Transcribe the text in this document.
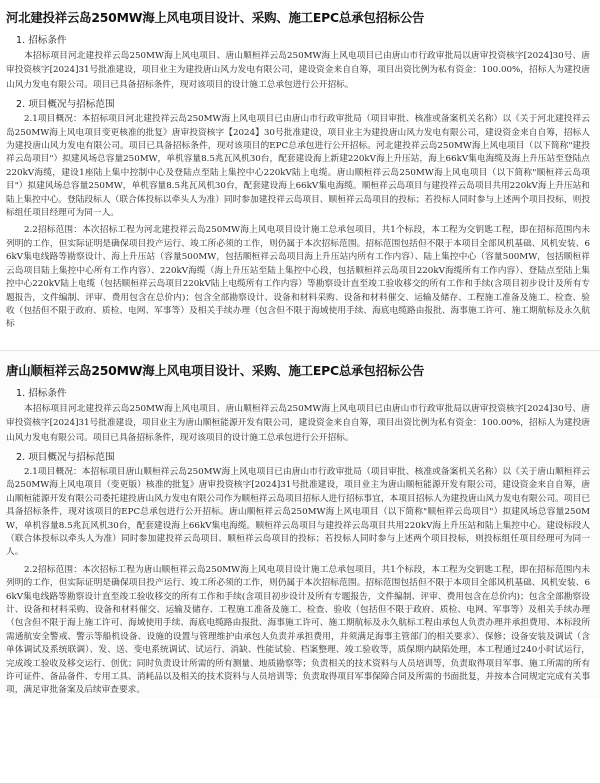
河北建投祥云岛250MW海上风电项目设计、采购、施工EPC总承包招标公告
1. 招标条件
本招标项目河北建投祥云岛250MW海上风电项目、唐山顺桓祥云岛250MW海上风电项目已由唐山市行政审批局以唐审投资核字[2024]30号、唐审投资核字[2024]31号批准建设，项目业主为建投唐山风力发电有限公司，建设资金来自自筹，项目出资比例为私有资金：100.00%，招标人为建投唐山风力发电有限公司。项目已具备招标条件，现对该项目的设计施工总承包进行公开招标。
2. 项目概况与招标范围
2.1项目概况：本招标项目河北建投祥云岛250MW海上风电项目已由唐山市行政审批局（项目审批、核准或备案机关名称）以《关于河北建投祥云岛250MW海上风电项目变更核准的批复》唐审投资核字【2024】30号批准建设，项目业主为建投唐山风力发电有限公司，建设资金来自自筹，招标人为建投唐山风力发电有限公司。项目已具备招标条件，现对该项目的EPC总承包进行公开招标。河北建投祥云岛250MW海上风电项目（以下简称"建投祥云岛项目"）拟建风场总容量250MW，单机容量8.5兆瓦风机30台，配套建设海上新建220kV海上升压站，海上66kV集电海缆及海上升压站至登陆点220kV海缆，建设1座陆上集中控制中心及登陆点至陆上集控中心220kV陆上电缆。唐山顺桓祥云岛250MW海上风电项目（以下简称"顺桓祥云岛项目"）拟建风场总容量250MW，单机容量8.5兆瓦风机30台，配套建设海上66kV集电海缆。顺桓祥云岛项目与建投祥云岛项目共用220kV海上升压站和陆上集控中心。登陆段标人（联合体投标以牵头人为准）同时参加建投祥云岛项目、顺桓祥云岛项目的投标；若投标人同时参与上述两个项目投标，则投标组任项目经理可为同一人。
2.2招标范围：本次招标工程为河北建投祥云岛250MW海上风电项目设计施工总承包项目，共1个标段，本工程为交钥匙工程，即在招标范围内未列明的工作，但实际证明是确保项目投产运行、竣工所必须的工作，则仍属于本次招标范围。招标范围包括但不限于本项目全部风机基础、风机安装、66kV集电线路等勘察设计、海上升压站（容量500MW，包括顺桓祥云岛项目海上升压站内所有工作内容）、陆上集控中心（容量500MW，包括顺桓祥云岛项目陆上集控中心所有工作内容）、220kV海缆（海上升压站至陆上集控中心段，包括顺桓祥云岛项目220kV海缆所有工作内容）、登陆点至陆上集控中心220kV陆上电缆（包括顺桓祥云岛项目220kV陆上电缆所有工作内容）等勘察设计直至竣工验收移交的所有工作和手续(含项目初步设计及所有专题报告，文件编制、评审、费用包含在总价内)；包含全部勘察设计、设备和材料采购、设备和材料催交、运输及储存、工程施工准备及施工、检查、验收（包括但不限于政府、质检、电网、军事等）及相关手续办理（包含但不限于海域使用手续、海底电缆路由报批、海事施工许可、施工期航标及永久航标
唐山顺桓祥云岛250MW海上风电项目设计、采购、施工EPC总承包招标公告
1. 招标条件
本招标项目河北建投祥云岛250MW海上风电项目、唐山顺桓祥云岛250MW海上风电项目已由唐山市行政审批局以唐审投资核字[2024]30号、唐审投资核字[2024]31号批准建设，项目业主为唐山顺桓能源开发有限公司，建设资金来自自筹，项目出资比例为私有资金：100.00%，招标人为建投唐山风力发电有限公司。项目已具备招标条件，现对该项目的设计施工总承包进行公开招标。
2. 项目概况与招标范围
2.1项目概况：本招标项目唐山顺桓祥云岛250MW海上风电项目已由唐山市行政审批局（项目审批、核准或备案机关名称）以《关于唐山顺桓祥云岛250MW海上风电项目（变更版）核准的批复》唐审投资核字[2024]31号批准建设，项目业主为唐山顺桓能源开发有限公司，建设资金来自自筹，唐山顺桓能源开发有限公司委托建投唐山风力发电有限公司作为顺桓祥云岛项目招标人进行招标事宜，本项目招标人为建投唐山风力发电有限公司。项目已具备招标条件，现对该项目的EPC总承包进行公开招标。唐山顺桓祥云岛250MW海上风电项目（以下简称"顺桓祥云岛项目"）拟建风场总容量250MW，单机容量8.5兆瓦风机30台，配套建设海上66kV集电海缆。顺桓祥云岛项目与建投祥云岛项目共用220kV海上升压站和陆上集控中心。建设标段人（联合体投标以牵头人为准）同时参加建投祥云岛项目、顺桓祥云岛项目的投标；若投标人同时参与上述两个项目投标，则投标组任项目经理可为同一人。
2.2招标范围：本次招标工程为唐山顺桓祥云岛250MW海上风电项目设计施工总承包项目，共1个标段，本工程为交钥匙工程，即在招标范围内未列明的工作，但实际证明是确保项目投产运行、竣工所必须的工作，则仍属于本次招标范围。招标范围包括但不限于本项目全部风机基础、风机安装、66kV集电线路等勘察设计直至竣工验收移交的所有工作和手续(含项目初步设计及所有专题报告，文件编制、评审、费用包含在总价内)；包含全部勘察设计、设备和材料采购、设备和材料催交、运输及储存、工程施工准备及施工、检查、验收（包括但不限于政府、质检、电网、军事等）及相关手续办理（包含但不限于海上施工许可、海域使用手续、海底电缆路由报批、海事施工许可、施工期航标及永久航标工程由承包人负责办理并承担费用、本标段所需通航安全警戒、警示等船机设备、设施的设置与管理维护由承包人负责并承担费用，并须满足海事主管部门的相关要求）、保修；设备安装及调试（含单体调试及系统联调）、发、送、变电系统调试、试运行、消缺、性能试验、档案整理、竣工验收等，质保期内缺陷处理，本工程通过240小时试运行，完成竣工验收及移交运行、创优；同时负责设计所需的所有测量、地质勘察等；负责相关的技术资料与人员培训等，负责取得项目军事、施工所需的所有许可证件、备品备件、专用工具、消耗品以及相关的技术资料与人员培训等；负责取得项目军事保障合同及所需的书面批复，并按本合同规定完成有关事项，满足审批备案及后续审查要求。
